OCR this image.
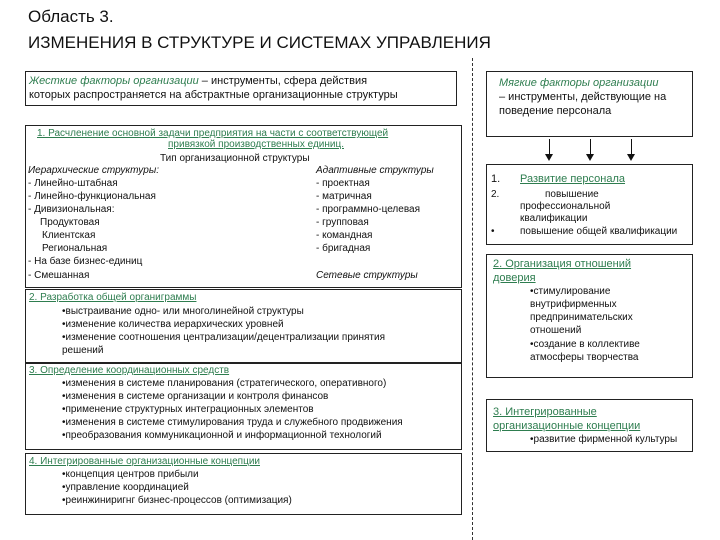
Область 3.
ИЗМЕНЕНИЯ В СТРУКТУРЕ И СИСТЕМАХ УПРАВЛЕНИЯ
Жесткие факторы организации – инструменты, сфера действия
которых распространяется на абстрактные организационные структуры
Мягкие факторы организации
– инструменты, действующие на
поведение персонала
1. Расчленение основной задачи предприятия на части с соответствующей
привязкой производственных единиц.
Тип организационной структуры
Иерархические структуры:
- Линейно-штабная
- Линейно-функциональная
- Дивизиональная:
Продуктовая
Клиентская
Региональная
- На базе бизнес-единиц
- Смешанная
Адаптивные структуры
- проектная
- матричная
- программно-целевая
- групповая
- командная
- бригадная
Сетевые структуры
2. Разработка общей органиграммы
•выстраивание одно- или многолинейной структуры
•изменение количества иерархических уровней
•изменение соотношения централизации/децентрализации принятия
решений
3. Определение координационных средств
•изменения в системе планирования (стратегического, оперативного)
•изменения в системе организации и контроля финансов
•применение структурных интеграционных элементов
•изменения в системе стимулирования труда и служебного продвижения
•преобразования коммуникационной и информационной технологий
4. Интегрированные организационные концепции
•концепция центров прибыли
•управление координацией
•реинжиниригнг бизнес-процессов (оптимизация)
1. Развитие персонала
2.	повышение
профессиональной
квалификации
•	повышение общей квалификации
2. Организация отношений
доверия
•стимулирование
внутрифирменных
предпринимательских
отношений
•создание в коллективе
атмосферы творчества
3. Интегрированные
организационные концепции
•развитие фирменной культуры
